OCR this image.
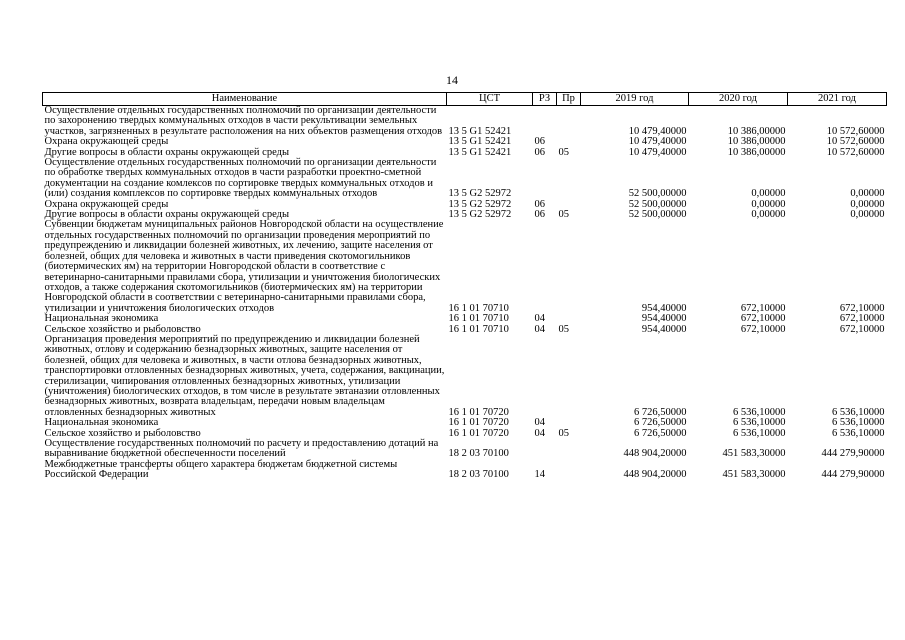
14
Наименование	ЦСТ	РЗ	Пр	2019 год	2020 год	2021 год
Осуществление отдельных государственных полномочий по организации деятельности по захоронению твердых коммунальных отходов в части рекультивации земельных участков, загрязненных в результате расположения на них объектов размещения отходов	13 5 G1 52421			10 479,40000	10 386,00000	10 572,60000
Охрана окружающей среды	13 5 G1 52421	06		10 479,40000	10 386,00000	10 572,60000
Другие вопросы в области охраны окружающей среды	13 5 G1 52421	06	05	10 479,40000	10 386,00000	10 572,60000
Осуществление отдельных государственных полномочий по организации деятельности по обработке твердых коммунальных отходов в части разработки проектно-сметной документации на создание комлексов по сортировке твердых коммунальных отходов и (или) создания комплексов по сортировке твердых коммунальных отходов	13 5 G2 52972			52 500,00000	0,00000	0,00000
Охрана окружающей среды	13 5 G2 52972	06		52 500,00000	0,00000	0,00000
Другие вопросы в области охраны окружающей среды	13 5 G2 52972	06	05	52 500,00000	0,00000	0,00000
Субвенции бюджетам муниципальных районов Новгородской области на осуществление отдельных государственных полномочий по организации проведения мероприятий по предупреждению и ликвидации болезней животных, их лечению, защите населения от болезней, общих для человека и животных в части приведения скотомогильников (биотермических ям) на территории Новгородской области в соответствие с ветеринарно-санитарными правилами сбора, утилизации и уничтожения биологических отходов, а также содержания скотомогильников (биотермических ям) на территории Новгородской области в соответствии с ветеринарно-санитарными правилами сбора, утилизации и уничтожения биологических отходов	16 1 01 70710			954,40000	672,10000	672,10000
Национальная экономика	16 1 01 70710	04		954,40000	672,10000	672,10000
Сельское хозяйство и рыболовство	16 1 01 70710	04	05	954,40000	672,10000	672,10000
Организация проведения мероприятий по предупреждению и ликвидации болезней животных, отлову и содержанию безнадзорных животных, защите населения от болезней, общих для человека и животных, в части отлова безнадзорных животных, транспортировки отловленных безнадзорных животных, учета, содержания, вакцинации, стерилизации, чипирования отловленных безнадзорных животных, утилизации (уничтожения) биологических отходов, в том числе в результате эвтаназии отловленных безнадзорных животных, возврата владельцам, передачи новым владельцам отловленных безнадзорных животных	16 1 01 70720			6 726,50000	6 536,10000	6 536,10000
Национальная экономика	16 1 01 70720	04		6 726,50000	6 536,10000	6 536,10000
Сельское хозяйство и рыболовство	16 1 01 70720	04	05	6 726,50000	6 536,10000	6 536,10000
Осуществление государственных полномочий по расчету и предоставлению дотаций на выравнивание бюджетной обеспеченности поселений	18 2 03 70100			448 904,20000	451 583,30000	444 279,90000
Межбюджетные трансферты общего характера бюджетам бюджетной системы Российской Федерации	18 2 03 70100	14		448 904,20000	451 583,30000	444 279,90000
